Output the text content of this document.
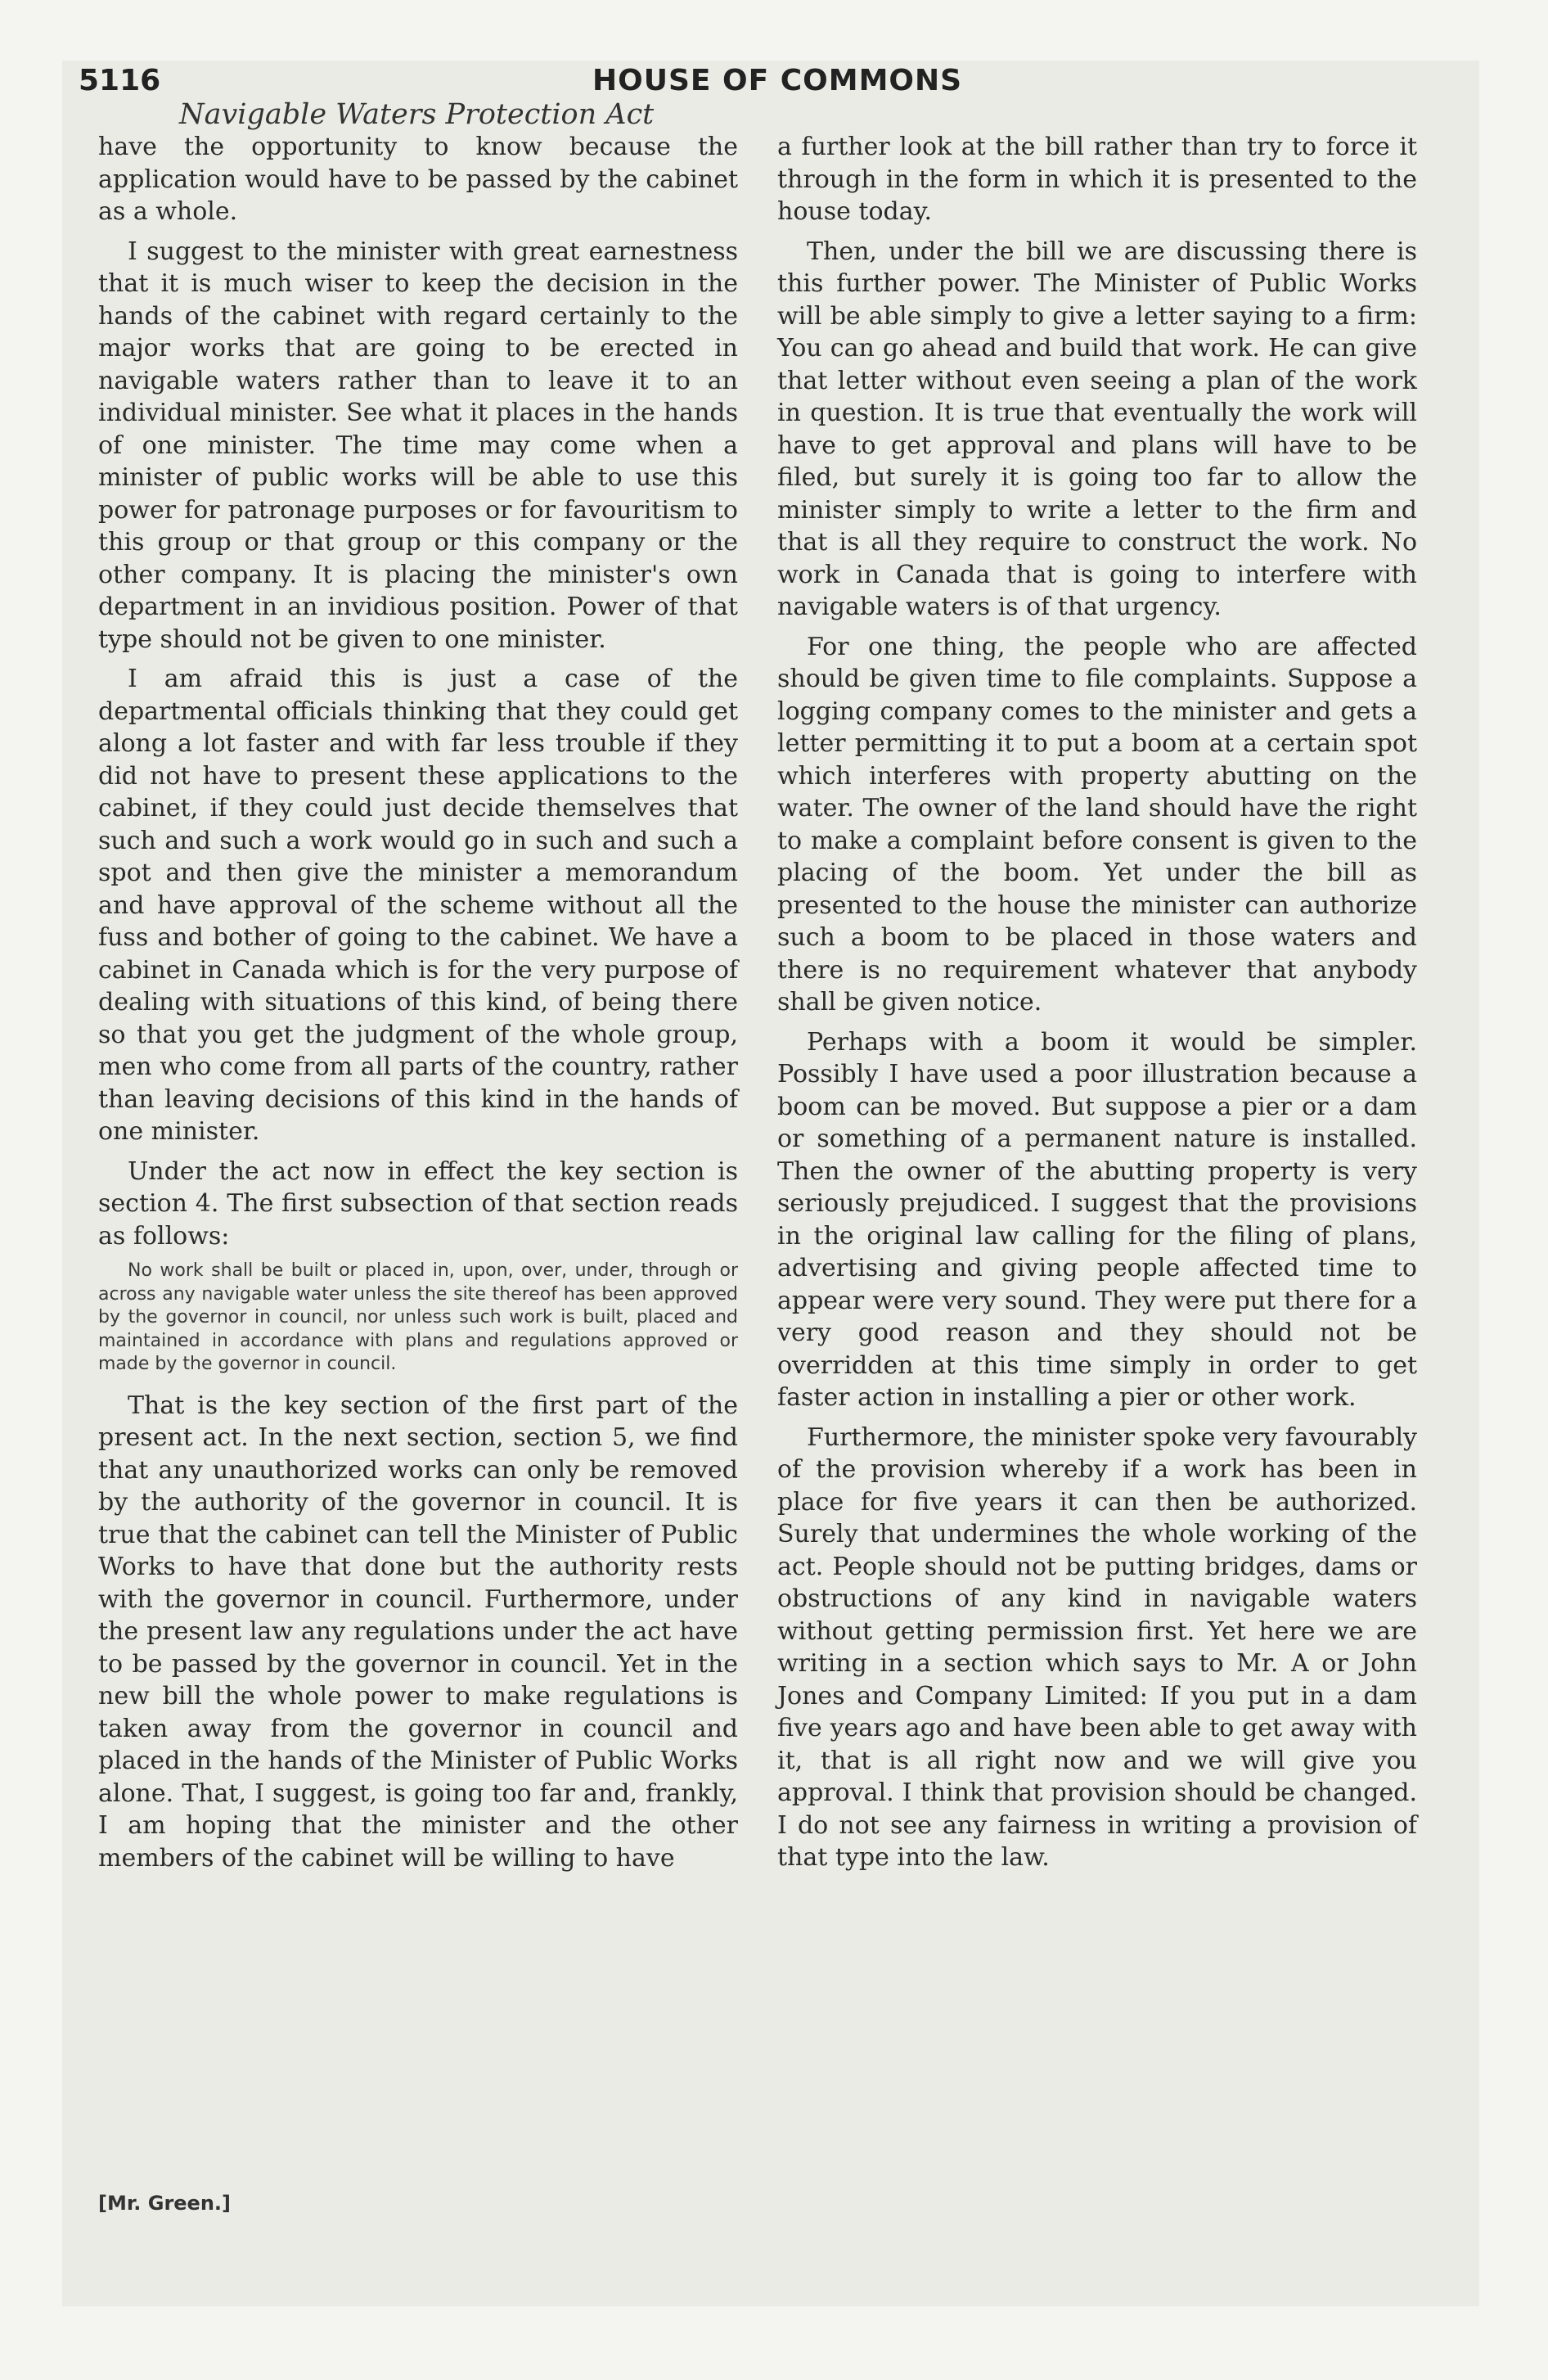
5116	HOUSE OF COMMONS
Navigable Waters Protection Act

have the opportunity to know because the application would have to be passed by the cabinet as a whole.

I suggest to the minister with great earnestness that it is much wiser to keep the decision in the hands of the cabinet with regard certainly to the major works that are going to be erected in navigable waters rather than to leave it to an individual minister. See what it places in the hands of one minister. The time may come when a minister of public works will be able to use this power for patronage purposes or for favouritism to this group or that group or this company or the other company. It is placing the minister's own department in an invidious position. Power of that type should not be given to one minister.

I am afraid this is just a case of the departmental officials thinking that they could get along a lot faster and with far less trouble if they did not have to present these applications to the cabinet, if they could just decide themselves that such and such a work would go in such and such a spot and then give the minister a memorandum and have approval of the scheme without all the fuss and bother of going to the cabinet. We have a cabinet in Canada which is for the very purpose of dealing with situations of this kind, of being there so that you get the judgment of the whole group, men who come from all parts of the country, rather than leaving decisions of this kind in the hands of one minister.

Under the act now in effect the key section is section 4. The first subsection of that section reads as follows:

No work shall be built or placed in, upon, over, under, through or across any navigable water unless the site thereof has been approved by the governor in council, nor unless such work is built, placed and maintained in accordance with plans and regulations approved or made by the governor in council.

That is the key section of the first part of the present act. In the next section, section 5, we find that any unauthorized works can only be removed by the authority of the governor in council. It is true that the cabinet can tell the Minister of Public Works to have that done but the authority rests with the governor in council. Furthermore, under the present law any regulations under the act have to be passed by the governor in council. Yet in the new bill the whole power to make regulations is taken away from the governor in council and placed in the hands of the Minister of Public Works alone. That, I suggest, is going too far and, frankly, I am hoping that the minister and the other members of the cabinet will be willing to have

a further look at the bill rather than try to force it through in the form in which it is presented to the house today.

Then, under the bill we are discussing there is this further power. The Minister of Public Works will be able simply to give a letter saying to a firm: You can go ahead and build that work. He can give that letter without even seeing a plan of the work in question. It is true that eventually the work will have to get approval and plans will have to be filed, but surely it is going too far to allow the minister simply to write a letter to the firm and that is all they require to construct the work. No work in Canada that is going to interfere with navigable waters is of that urgency.

For one thing, the people who are affected should be given time to file complaints. Suppose a logging company comes to the minister and gets a letter permitting it to put a boom at a certain spot which interferes with property abutting on the water. The owner of the land should have the right to make a complaint before consent is given to the placing of the boom. Yet under the bill as presented to the house the minister can authorize such a boom to be placed in those waters and there is no requirement whatever that anybody shall be given notice.

Perhaps with a boom it would be simpler. Possibly I have used a poor illustration because a boom can be moved. But suppose a pier or a dam or something of a permanent nature is installed. Then the owner of the abutting property is very seriously prejudiced. I suggest that the provisions in the original law calling for the filing of plans, advertising and giving people affected time to appear were very sound. They were put there for a very good reason and they should not be overridden at this time simply in order to get faster action in installing a pier or other work.

Furthermore, the minister spoke very favourably of the provision whereby if a work has been in place for five years it can then be authorized. Surely that undermines the whole working of the act. People should not be putting bridges, dams or obstructions of any kind in navigable waters without getting permission first. Yet here we are writing in a section which says to Mr. A or John Jones and Company Limited: If you put in a dam five years ago and have been able to get away with it, that is all right now and we will give you approval. I think that provision should be changed. I do not see any fairness in writing a provision of that type into the law.

[Mr. Green.]
